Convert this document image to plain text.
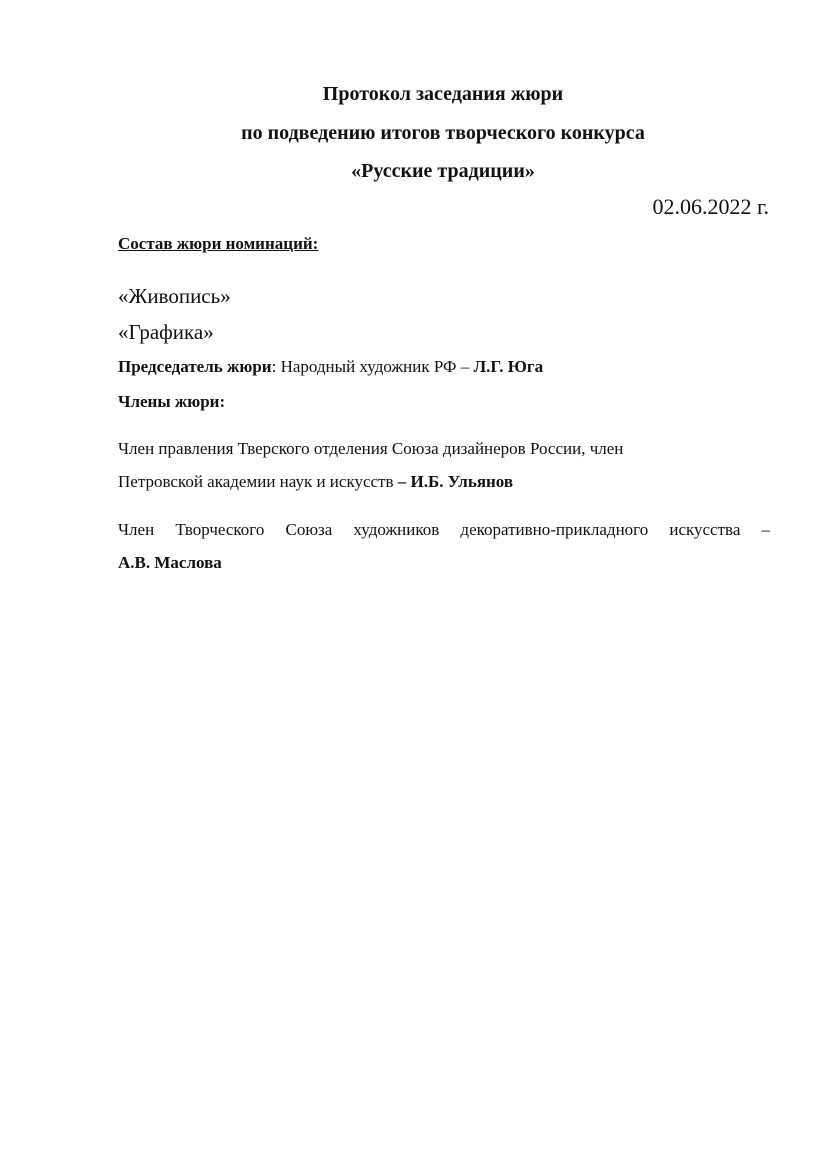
Протокол заседания жюри
по подведению итогов творческого конкурса
«Русские традиции»
02.06.2022 г.
Состав жюри номинаций:
«Живопись»
«Графика»
Председатель жюри: Народный художник РФ – Л.Г. Юга
Члены жюри:
Член правления Тверского отделения Союза дизайнеров России, член
Петровской академии наук и искусств – И.Б. Ульянов
Член Творческого Союза художников декоративно-прикладного искусства –
А.В. Маслова
